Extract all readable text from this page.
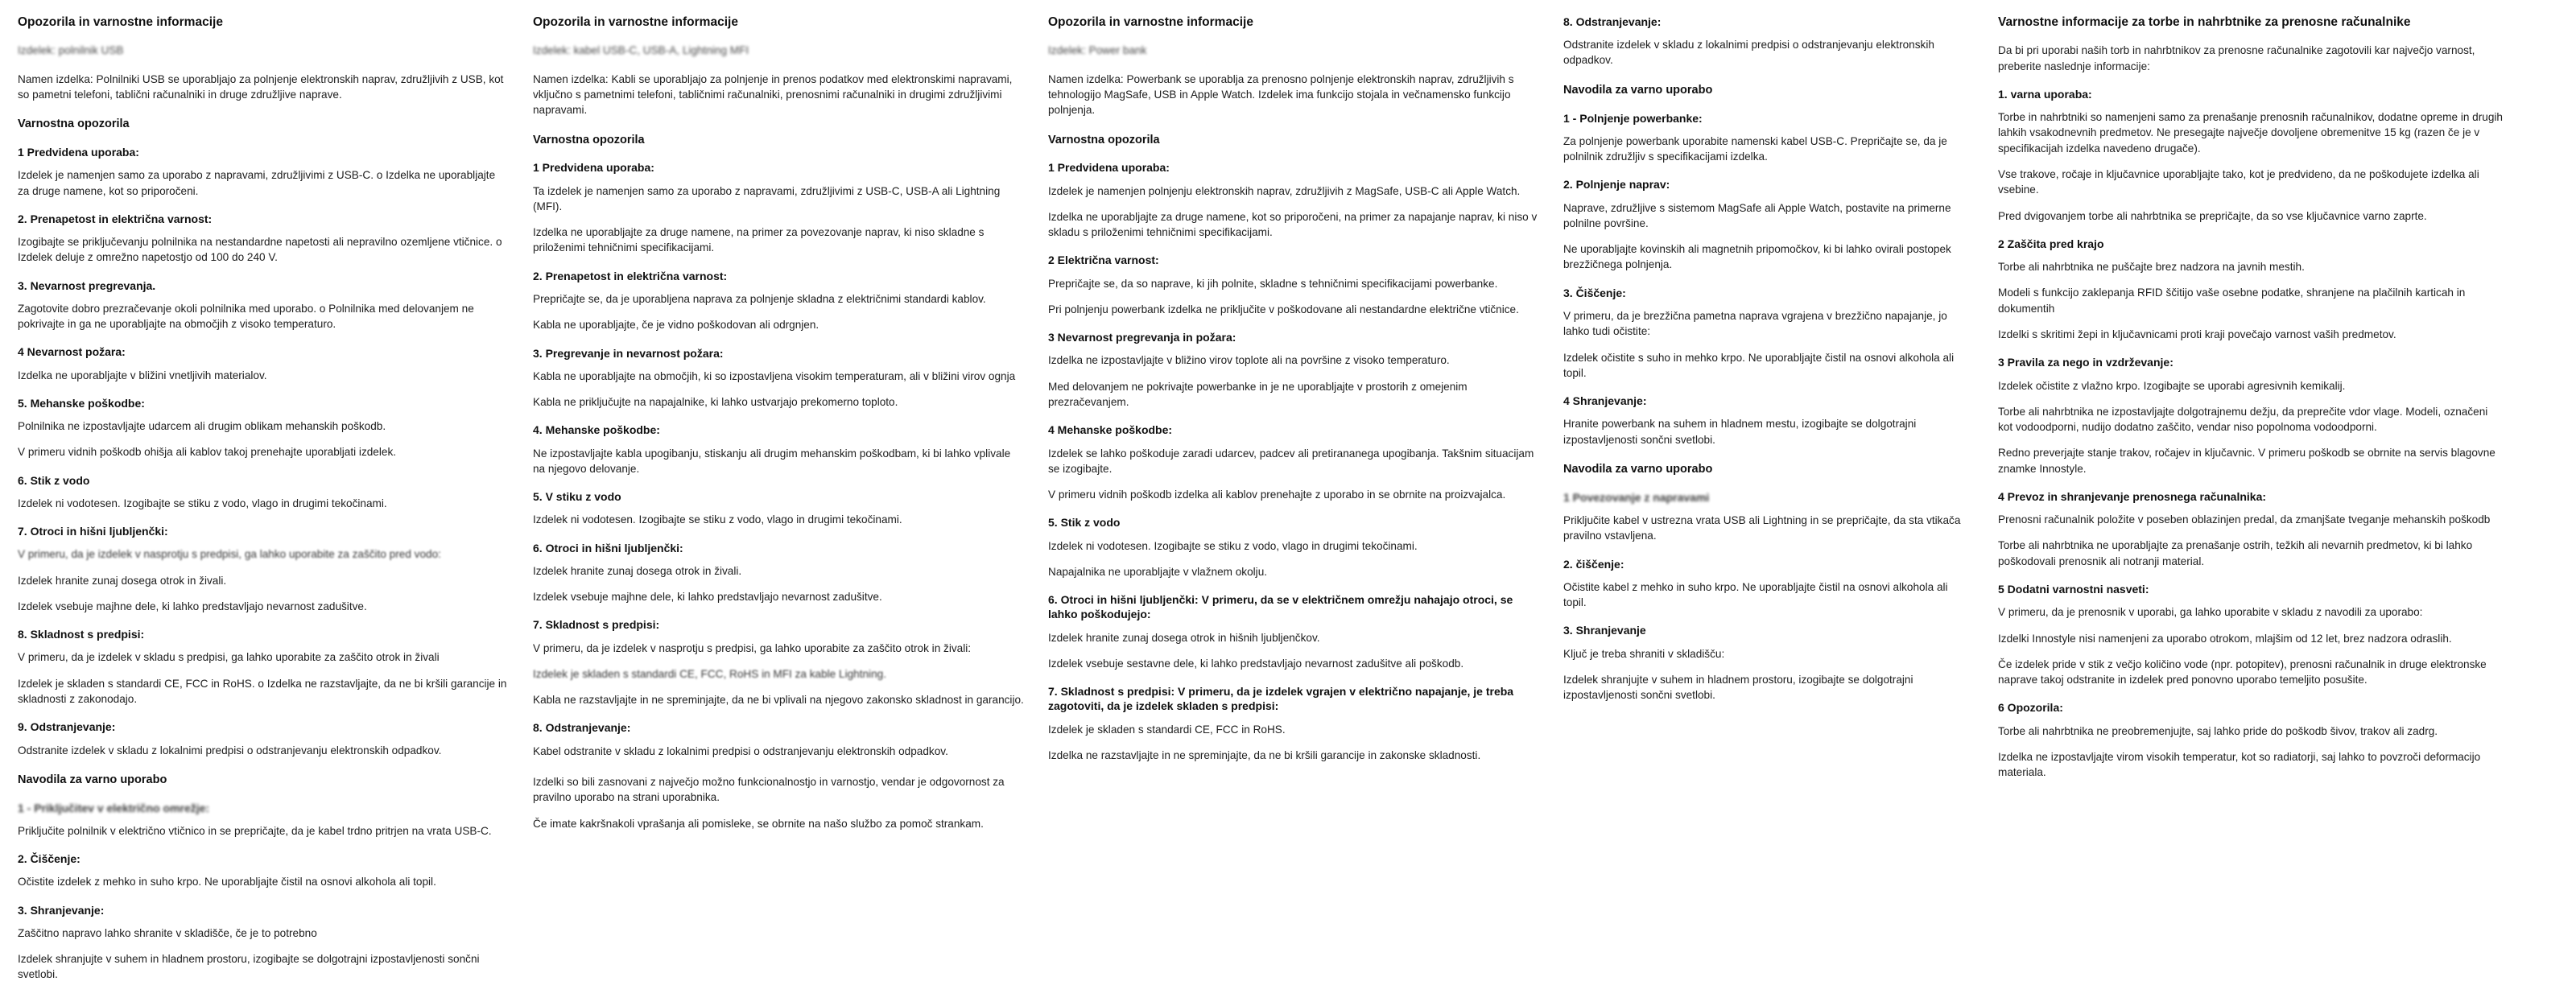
Opozorila in varnostne informacije

Izdelek: polnilnik USB

Namen izdelka: Polnilniki USB se uporabljajo za polnjenje elektronskih naprav, združljivih z USB, kot so pametni telefoni, tablični računalniki in druge združljive naprave.

Varnostna opozorila
1 Predvidena uporaba:

Izdelek je namenjen samo za uporabo z napravami, združljivimi z USB-C. o Izdelka ne uporabljajte za druge namene, kot so priporočeni.

2. Prenapetost in električna varnost:

Izogibajte se priključevanju polnilnika na nestandardne napetosti ali nepravilno ozemljene vtičnice. o Izdelek deluje z omrežno napetostjo od 100 do 240 V.

3. Nevarnost pregrevanja.

Zagotovite dobro prezračevanje okoli polnilnika med uporabo. o Polnilnika med delovanjem ne pokrivajte in ga ne uporabljajte na območjih z visoko temperaturo.

4 Nevarnost požara:

Izdelka ne uporabljajte v bližini vnetljivih materialov.

5. Mehanske poškodbe:

Polnilnika ne izpostavljajte udarcem ali drugim oblikam mehanskih poškodb.

V primeru vidnih poškodb ohišja ali kablov takoj prenehajte uporabljati izdelek.

6. Stik z vodo

Izdelek ni vodotesen. Izogibajte se stiku z vodo, vlago in drugimi tekočinami.

7. Otroci in hišni ljubljenčki:

V primeru, da je izdelek v nasprotju s predpisi, ga lahko uporabite za zaščito pred vodo:

Izdelek hranite zunaj dosega otrok in živali.

Izdelek vsebuje majhne dele, ki lahko predstavljajo nevarnost zadušitve.

8. Skladnost s predpisi:

V primeru, da je izdelek v skladu s predpisi, ga lahko uporabite za zaščito otrok in živali

Izdelek je skladen s standardi CE, FCC in RoHS. o Izdelka ne razstavljajte, da ne bi kršili garancije in skladnosti z zakonodajo.

9. Odstranjevanje:

Odstranite izdelek v skladu z lokalnimi predpisi o odstranjevanju elektronskih odpadkov.

Navodila za varno uporabo
1 - Priključitev v električno omrežje:

Priključite polnilnik v električno vtičnico in se prepričajte, da je kabel trdno pritrjen na vrata USB-C.

2. Čiščenje:

Očistite izdelek z mehko in suho krpo. Ne uporabljajte čistil na osnovi alkohola ali topil.

3. Shranjevanje:

Zaščitno napravo lahko shranite v skladišče, če je to potrebno

Izdelek shranjujte v suhem in hladnem prostoru, izogibajte se dolgotrajni izpostavljenosti sončni svetlobi.

Opozorila in varnostne informacije

Izdelek: kabel USB-C, USB-A, Lightning MFI

Namen izdelka: Kabli se uporabljajo za polnjenje in prenos podatkov med elektronskimi napravami, vključno s pametnimi telefoni, tabličnimi računalniki, prenosnimi računalniki in drugimi združljivimi napravami.

Varnostna opozorila
1 Predvidena uporaba:

Ta izdelek je namenjen samo za uporabo z napravami, združljivimi z USB-C, USB-A ali Lightning (MFI).

Izdelka ne uporabljajte za druge namene, na primer za povezovanje naprav, ki niso skladne s priloženimi tehničnimi specifikacijami.

2. Prenapetost in električna varnost:

Prepričajte se, da je uporabljena naprava za polnjenje skladna z električnimi standardi kablov.

Kabla ne uporabljajte, če je vidno poškodovan ali odrgnjen.

3. Pregrevanje in nevarnost požara:

Kabla ne uporabljajte na območjih, ki so izpostavljena visokim temperaturam, ali v bližini virov ognja

Kabla ne priključujte na napajalnike, ki lahko ustvarjajo prekomerno toploto.

4. Mehanske poškodbe:

Ne izpostavljajte kabla upogibanju, stiskanju ali drugim mehanskim poškodbam, ki bi lahko vplivale na njegovo delovanje.

5. V stiku z vodo

Izdelek ni vodotesen. Izogibajte se stiku z vodo, vlago in drugimi tekočinami.

6. Otroci in hišni ljubljenčki:

Izdelek hranite zunaj dosega otrok in živali.

Izdelek vsebuje majhne dele, ki lahko predstavljajo nevarnost zadušitve.

7. Skladnost s predpisi:

V primeru, da je izdelek v nasprotju s predpisi, ga lahko uporabite za zaščito otrok in živali:

Izdelek je skladen s standardi CE, FCC, RoHS in MFI za kable Lightning.

Kabla ne razstavljajte in ne spreminjajte, da ne bi vplivali na njegovo zakonsko skladnost in garancijo.

8. Odstranjevanje:

Kabel odstranite v skladu z lokalnimi predpisi o odstranjevanju elektronskih odpadkov.

Izdelki so bili zasnovani z največjo možno funkcionalnostjo in varnostjo, vendar je odgovornost za pravilno uporabo na strani uporabnika.

Če imate kakršnakoli vprašanja ali pomisleke, se obrnite na našo službo za pomoč strankam.

Opozorila in varnostne informacije

Izdelek: Power bank

Namen izdelka: Powerbank se uporablja za prenosno polnjenje elektronskih naprav, združljivih s tehnologijo MagSafe, USB in Apple Watch. Izdelek ima funkcijo stojala in večnamensko funkcijo polnjenja.

Varnostna opozorila
1 Predvidena uporaba:

Izdelek je namenjen polnjenju elektronskih naprav, združljivih z MagSafe, USB-C ali Apple Watch.

Izdelka ne uporabljajte za druge namene, kot so priporočeni, na primer za napajanje naprav, ki niso v skladu s priloženimi tehničnimi specifikacijami.

2 Električna varnost:

Prepričajte se, da so naprave, ki jih polnite, skladne s tehničnimi specifikacijami powerbanke.

Pri polnjenju powerbank izdelka ne priključite v poškodovane ali nestandardne električne vtičnice.

3 Nevarnost pregrevanja in požara:

Izdelka ne izpostavljajte v bližino virov toplote ali na površine z visoko temperaturo.

Med delovanjem ne pokrivajte powerbanke in je ne uporabljajte v prostorih z omejenim prezračevanjem.

4 Mehanske poškodbe:

Izdelek se lahko poškoduje zaradi udarcev, padcev ali pretirananega upogibanja. Takšnim situacijam se izogibajte.

V primeru vidnih poškodb izdelka ali kablov prenehajte z uporabo in se obrnite na proizvajalca.

5. Stik z vodo

Izdelek ni vodotesen. Izogibajte se stiku z vodo, vlago in drugimi tekočinami.

Napajalnika ne uporabljajte v vlažnem okolju.

6. Otroci in hišni ljubljenčki: V primeru, da se v električnem omrežju nahajajo otroci, se lahko poškodujejo:

Izdelek hranite zunaj dosega otrok in hišnih ljubljenčkov.

Izdelek vsebuje sestavne dele, ki lahko predstavljajo nevarnost zadušitve ali poškodb.

7. Skladnost s predpisi: V primeru, da je izdelek vgrajen v električno napajanje, je treba zagotoviti, da je izdelek skladen s predpisi:

Izdelek je skladen s standardi CE, FCC in RoHS.

Izdelka ne razstavljajte in ne spreminjajte, da ne bi kršili garancije in zakonske skladnosti.

8. Odstranjevanje:

Odstranite izdelek v skladu z lokalnimi predpisi o odstranjevanju elektronskih odpadkov.

Navodila za varno uporabo
1 - Polnjenje powerbanke:

Za polnjenje powerbank uporabite namenski kabel USB-C. Prepričajte se, da je polnilnik združljiv s specifikacijami izdelka.

2. Polnjenje naprav:

Naprave, združljive s sistemom MagSafe ali Apple Watch, postavite na primerne polnilne površine.

Ne uporabljajte kovinskih ali magnetnih pripomočkov, ki bi lahko ovirali postopek brezžičnega polnjenja.

3. Čiščenje:

V primeru, da je brezžična pametna naprava vgrajena v brezžično napajanje, jo lahko tudi očistite:

Izdelek očistite s suho in mehko krpo. Ne uporabljajte čistil na osnovi alkohola ali topil.

4 Shranjevanje:

Hranite powerbank na suhem in hladnem mestu, izogibajte se dolgotrajni izpostavljenosti sončni svetlobi.

Navodila za varno uporabo
1 Povezovanje z napravami

Priključite kabel v ustrezna vrata USB ali Lightning in se prepričajte, da sta vtikača pravilno vstavljena.

2. čiščenje:

Očistite kabel z mehko in suho krpo. Ne uporabljajte čistil na osnovi alkohola ali topil.

3. Shranjevanje

Ključ je treba shraniti v skladišču:

Izdelek shranjujte v suhem in hladnem prostoru, izogibajte se dolgotrajni izpostavljenosti sončni svetlobi.

Varnostne informacije za torbe in nahrbtnike za prenosne računalnike

Da bi pri uporabi naših torb in nahrbtnikov za prenosne računalnike zagotovili kar največjo varnost, preberite naslednje informacije:

1. varna uporaba:

Torbe in nahrbtniki so namenjeni samo za prenašanje prenosnih računalnikov, dodatne opreme in drugih lahkih vsakodnevnih predmetov. Ne presegajte največje dovoljene obremenitve 15 kg (razen če je v specifikacijah izdelka navedeno drugače).

Vse trakove, ročaje in ključavnice uporabljajte tako, kot je predvideno, da ne poškodujete izdelka ali vsebine.

Pred dvigovanjem torbe ali nahrbtnika se prepričajte, da so vse ključavnice varno zaprte.

2 Zaščita pred krajo

Torbe ali nahrbtnika ne puščajte brez nadzora na javnih mestih.

Modeli s funkcijo zaklepanja RFID ščitijo vaše osebne podatke, shranjene na plačilnih karticah in dokumentih

Izdelki s skritimi žepi in ključavnicami proti kraji povečajo varnost vaših predmetov.

3 Pravila za nego in vzdrževanje:

Izdelek očistite z vlažno krpo. Izogibajte se uporabi agresivnih kemikalij.

Torbe ali nahrbtnika ne izpostavljajte dolgotrajnemu dežju, da preprečite vdor vlage. Modeli, označeni kot vodoodporni, nudijo dodatno zaščito, vendar niso popolnoma vodoodporni.

Redno preverjajte stanje trakov, ročajev in ključavnic. V primeru poškodb se obrnite na servis blagovne znamke Innostyle.

4 Prevoz in shranjevanje prenosnega računalnika:

Prenosni računalnik položite v poseben oblazinjen predal, da zmanjšate tveganje mehanskih poškodb

Torbe ali nahrbtnika ne uporabljajte za prenašanje ostrih, težkih ali nevarnih predmetov, ki bi lahko poškodovali prenosnik ali notranji material.

5 Dodatni varnostni nasveti:

V primeru, da je prenosnik v uporabi, ga lahko uporabite v skladu z navodili za uporabo:

Izdelki Innostyle nisi namenjeni za uporabo otrokom, mlajšim od 12 let, brez nadzora odraslih.

Če izdelek pride v stik z večjo količino vode (npr. potopitev), prenosni računalnik in druge elektronske naprave takoj odstranite in izdelek pred ponovno uporabo temeljito posušite.

6 Opozorila:

Torbe ali nahrbtnika ne preobremenjujte, saj lahko pride do poškodb šivov, trakov ali zadrg.

Izdelka ne izpostavljajte virom visokih temperatur, kot so radiatorji, saj lahko to povzroči deformacijo materiala.
